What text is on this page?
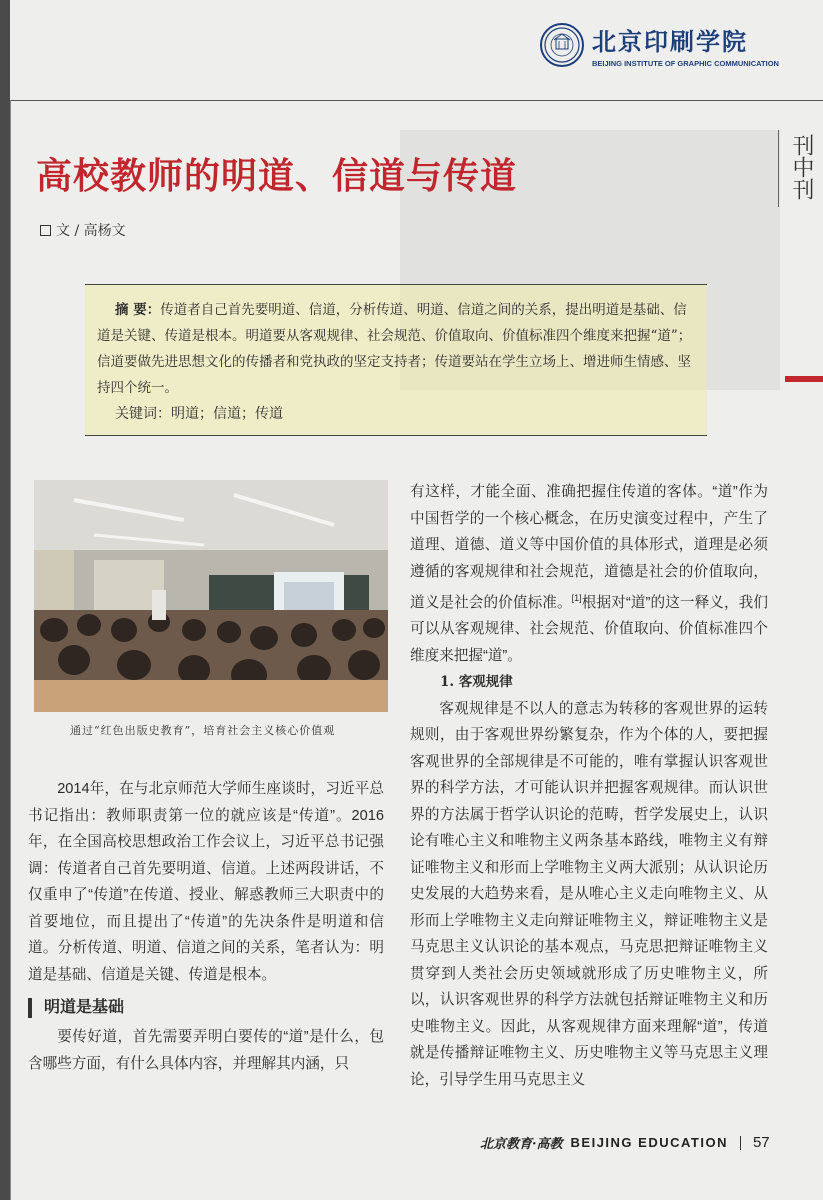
北京印刷学院
BEIJING INSTITUTE OF GRAPHIC COMMUNICATION
刊中刊
高校教师的明道、信道与传道
文 / 高杨文
摘 要：传道者自己首先要明道、信道，分析传道、明道、信道之间的关系，提出明道是基础、信道是关键、传道是根本。明道要从客观规律、社会规范、价值取向、价值标准四个维度来把握“道”；信道要做先进思想文化的传播者和党执政的坚定支持者；传道要站在学生立场上、增进师生情感、坚持四个统一。
关键词：明道；信道；传道
通过“红色出版史教育”，培育社会主义核心价值观

2014年，在与北京师范大学师生座谈时，习近平总书记指出：教师职责第一位的就应该是“传道”。2016年，在全国高校思想政治工作会议上，习近平总书记强调：传道者自己首先要明道、信道。上述两段讲话，不仅重申了“传道”在传道、授业、解惑教师三大职责中的首要地位，而且提出了“传道”的先决条件是明道和信道。分析传道、明道、信道之间的关系，笔者认为：明道是基础、信道是关键、传道是根本。

明道是基础

要传好道，首先需要弄明白要传的“道”是什么，包含哪些方面，有什么具体内容，并理解其内涵，只

有这样，才能全面、准确把握住传道的客体。“道”作为中国哲学的一个核心概念，在历史演变过程中，产生了道理、道德、道义等中国价值的具体形式，道理是必须遵循的客观规律和社会规范，道德是社会的价值取向，道义是社会的价值标准。[1]根据对“道”的这一释义，我们可以从客观规律、社会规范、价值取向、价值标准四个维度来把握“道”。

1. 客观规律

客观规律是不以人的意志为转移的客观世界的运转规则，由于客观世界纷繁复杂，作为个体的人，要把握客观世界的全部规律是不可能的，唯有掌握认识客观世界的科学方法，才可能认识并把握客观规律。而认识世界的方法属于哲学认识论的范畴，哲学发展史上，认识论有唯心主义和唯物主义两条基本路线，唯物主义有辩证唯物主义和形而上学唯物主义两大派别；从认识论历史发展的大趋势来看，是从唯心主义走向唯物主义、从形而上学唯物主义走向辩证唯物主义，辩证唯物主义是马克思主义认识论的基本观点，马克思把辩证唯物主义贯穿到人类社会历史领域就形成了历史唯物主义，所以，认识客观世界的科学方法就包括辩证唯物主义和历史唯物主义。因此，从客观规律方面来理解“道”，传道就是传播辩证唯物主义、历史唯物主义等马克思主义理论，引导学生用马克思主义

北京教育·高教 BEIJING EDUCATION 57
